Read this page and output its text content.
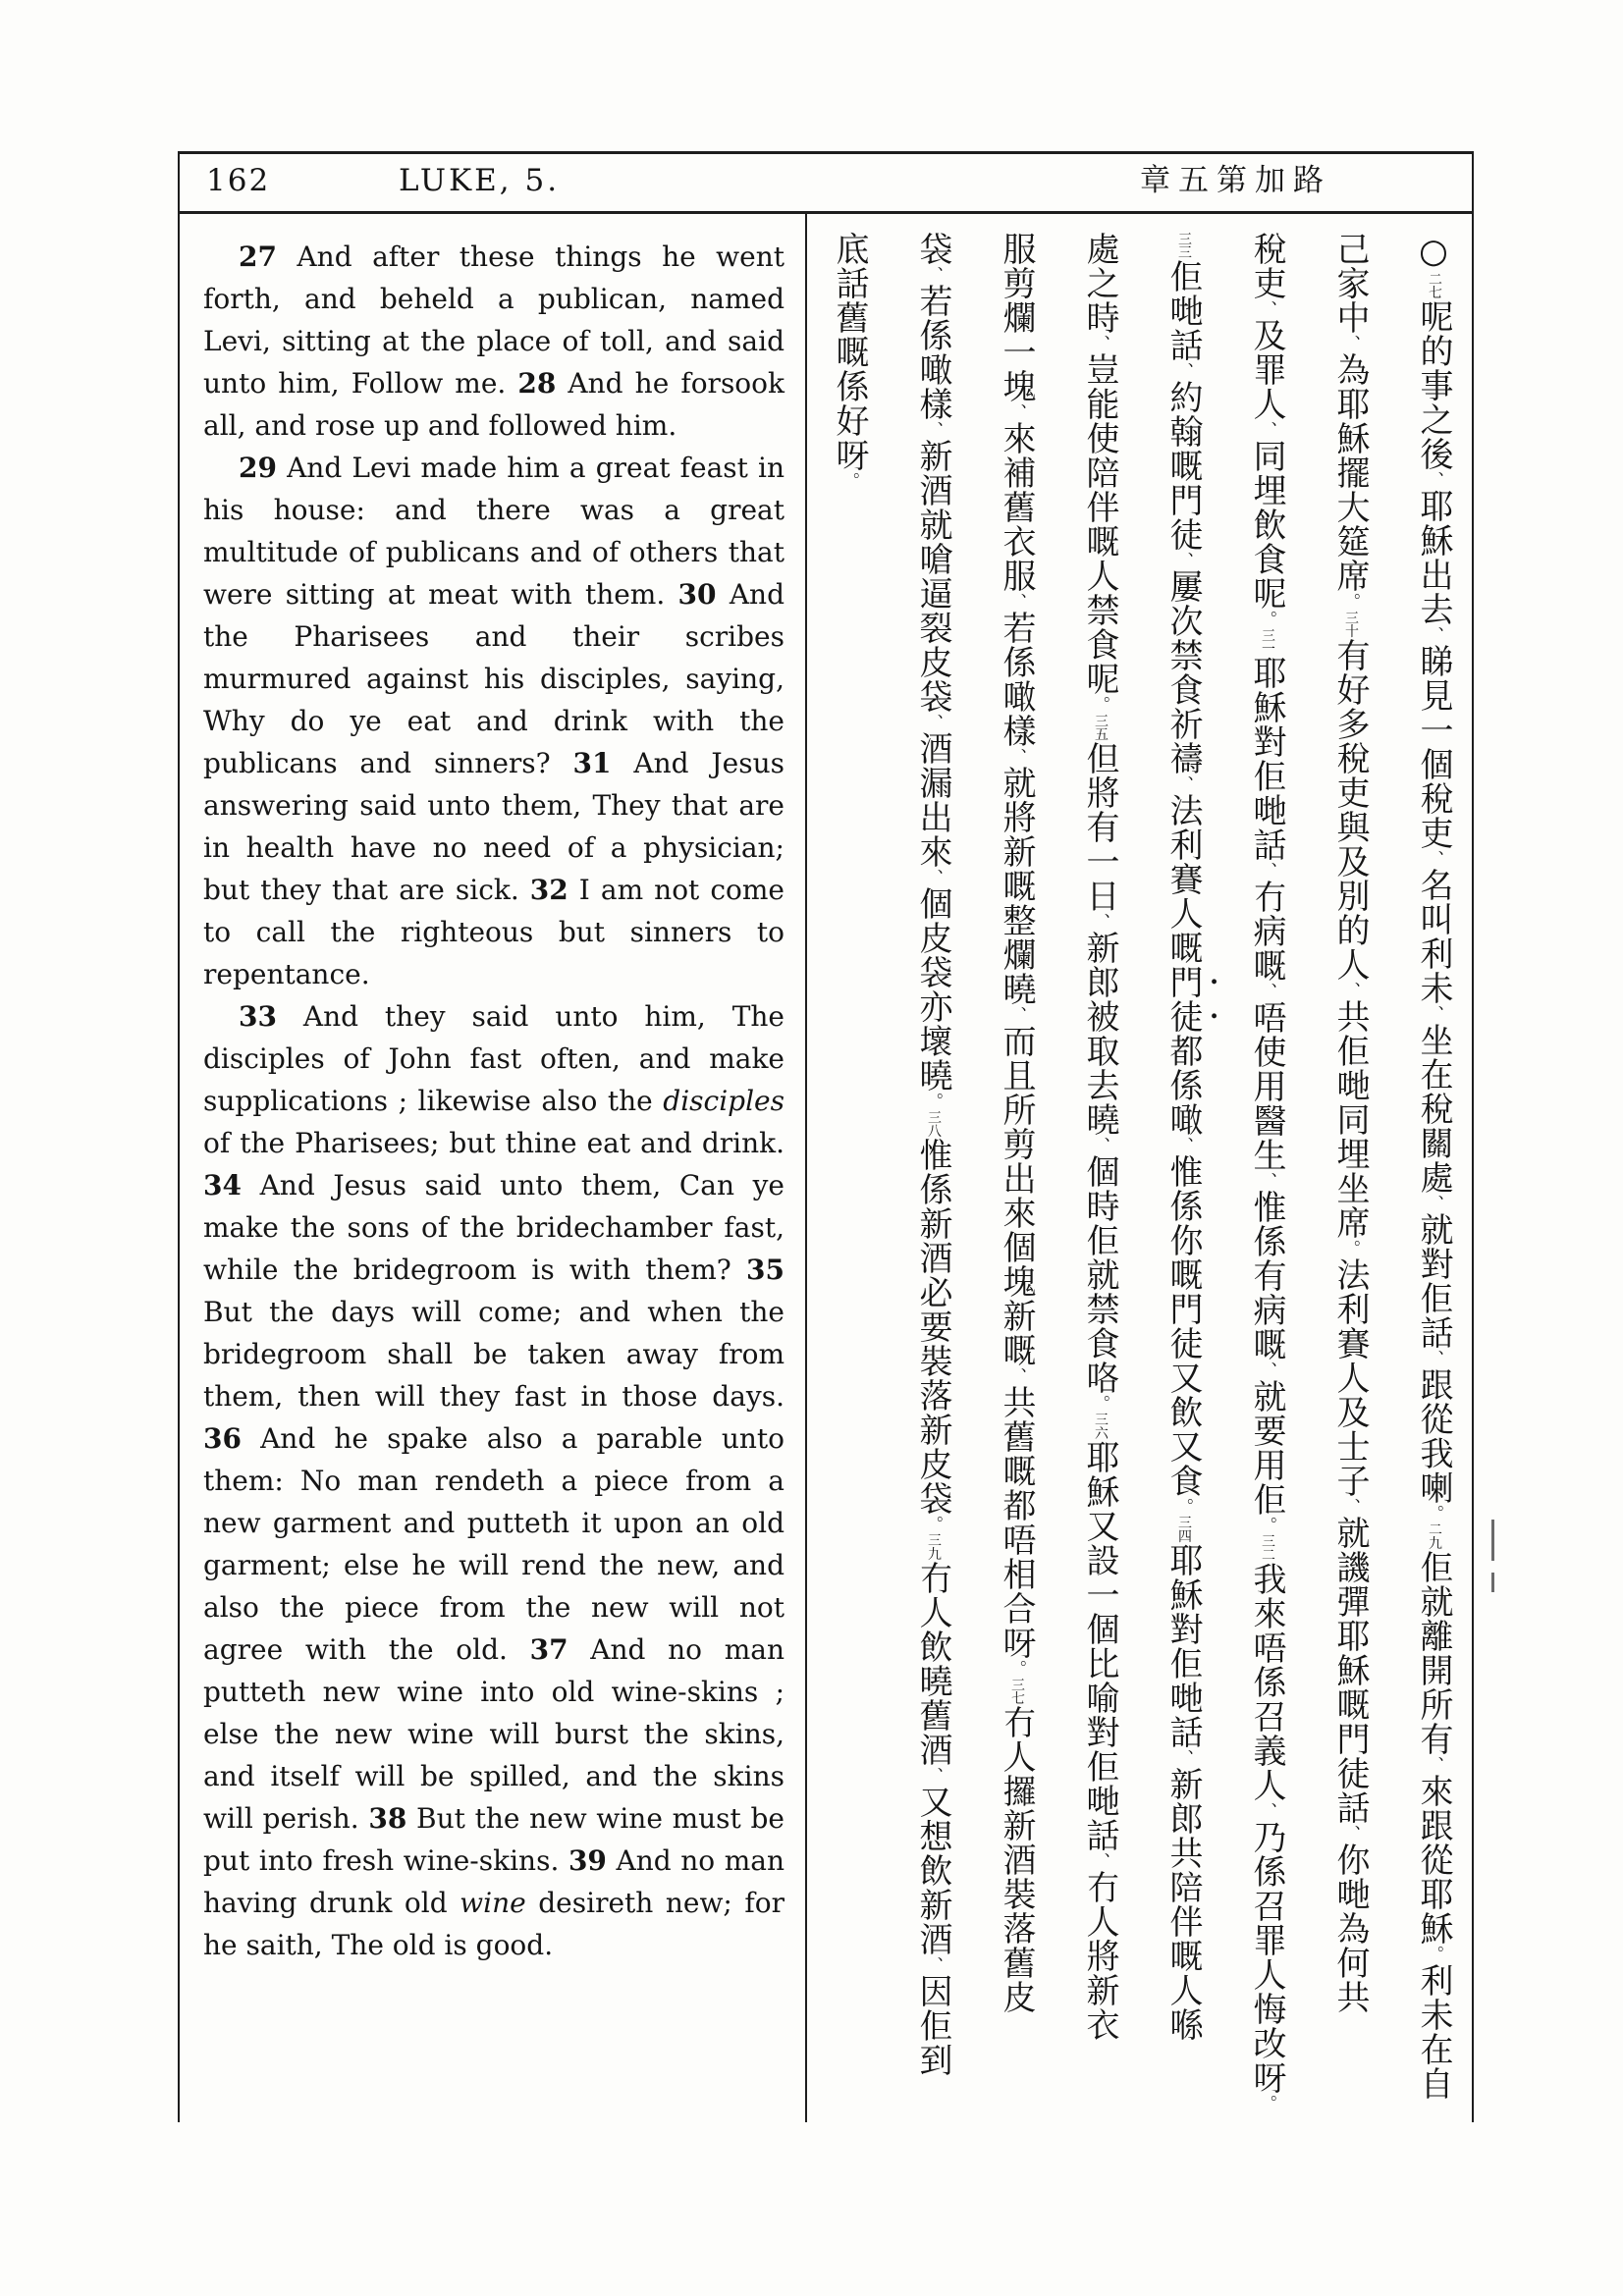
162	LUKE, 5.	章五第加路

27 And after these things he went forth, and beheld a publican, named Levi, sitting at the place of toll, and said unto him, Follow me. 28 And he forsook all, and rose up and followed him.

29 And Levi made him a great feast in his house: and there was a great multitude of publicans and of others that were sitting at meat with them. 30 And the Pharisees and their scribes murmured against his disciples, saying, Why do ye eat and drink with the publicans and sinners? 31 And Jesus answering said unto them, They that are in health have no need of a physician; but they that are sick. 32 I am not come to call the righteous but sinners to repentance.

33 And they said unto him, The disciples of John fast often, and make supplications ; likewise also the disciples of the Pharisees; but thine eat and drink. 34 And Jesus said unto them, Can ye make the sons of the bridechamber fast, while the bridegroom is with them? 35 But the days will come; and when the bridegroom shall be taken away from them, then will they fast in those days. 36 And he spake also a parable unto them: No man rendeth a piece from a new garment and putteth it upon an old garment; else he will rend the new, and also the piece from the new will not agree with the old. 37 And no man putteth new wine into old wine-skins ; else the new wine will burst the skins, and itself will be spilled, and the skins will perish. 38 But the new wine must be put into fresh wine-skins. 39 And no man having drunk old wine desireth new; for he saith, The old is good.

○二七呢的事之後、耶穌出去、睇見一個稅吏、名叫利未、坐在稅關處、就對佢話、跟從我喇。二九佢就離開所有、來跟從耶穌。利未在自
己家中、為耶穌擺大筵席。三十有好多稅吏與及別的人、共佢哋同埋坐席。法利賽人及士子、就譏彈耶穌嘅門徒話、你哋為何共
稅吏、及罪人、同埋飲食呢。三一耶穌對佢哋話、冇病嘅、唔使用醫生、惟係有病嘅、就要用佢。三二我來唔係召義人、乃係召罪人悔改呀。
三三佢哋話、約翰嘅門徒、屢次禁食祈禱、法利賽人嘅門徒都係噉、惟係你嘅門徒又飲又食。三四耶穌對佢哋話、新郎共陪伴嘅人喺
處之時、豈能使陪伴嘅人禁食呢。三五但將有一日、新郎被取去曉、個時佢就禁食咯。三六耶穌又設一個比喻對佢哋話、冇人將新衣
服剪爛一塊、來補舊衣服、若係噉樣、就將新嘅整爛曉、而且所剪出來個塊新嘅、共舊嘅都唔相合呀。三七冇人攞新酒裝落舊皮
袋、若係噉樣、新酒就嗆逼裂皮袋、酒漏出來、個皮袋亦壞曉。三八惟係新酒必要裝落新皮袋。三九冇人飲曉舊酒、又想飲新酒、因佢到
底話舊嘅係好呀。
